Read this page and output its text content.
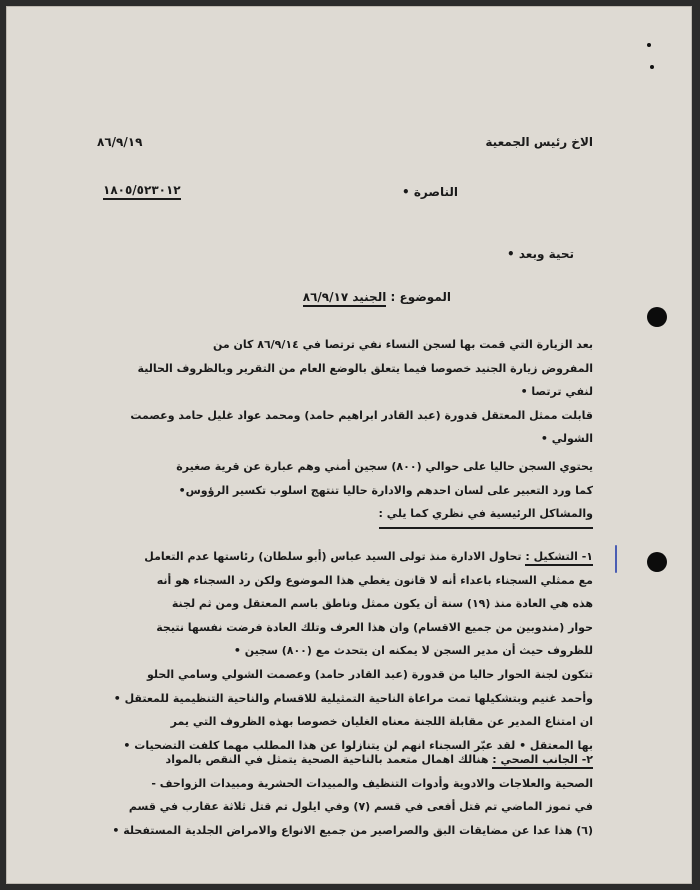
الاخ رئيس الجمعية
٨٦/٩/١٩
الناصرة •
١٨٠٥/٥٢٣٠١٢
تحية وبعد •
الموضوع : الجنيد ٨٦/٩/١٧
بعد الزيارة التي قمت بها لسجن النساء نفي ترتصا في ٨٦/٩/١٤ كان من
المفروض زيارة الجنيد خصوصا فيما يتعلق بالوضع العام من التقرير وبالظروف الحالية
لنفي ترتصا •
قابلت ممثل المعتقل قدورة (عبد القادر ابراهيم حامد) ومحمد عواد غليل حامد وعصمت
الشولي •
يحتوي السجن حاليا على حوالي (٨٠٠) سجين أمني وهم عبارة عن قرية صغيرة
كما ورد التعبير على لسان احدهم والادارة حاليا تنتهج اسلوب تكسير الرؤوس•
والمشاكل الرئيسية في نظري كما يلي :
١- التشكيل : تحاول الادارة منذ تولى السيد عباس (أبو سلطان) رئاستها عدم التعامل
مع ممثلي السجناء باعداء أنه لا قانون يغطي هذا الموضوع ولكن رد السجناء هو أنه
هذه هي العادة منذ (١٩) سنة أن يكون ممثل وناطق باسم المعتقل ومن ثم لجنة
حوار (مندوبين من جميع الاقسام) وان هذا العرف وتلك العادة فرضت نفسها نتيجة
للظروف حيث أن مدير السجن لا يمكنه ان يتحدث مع (٨٠٠) سجين •
تتكون لجنة الحوار حاليا من قدورة (عبد القادر حامد) وعصمت الشولي وسامي الحلو
وأحمد غنيم وبتشكيلها تمت مراعاة الناحية التمثيلية للاقسام والناحية التنظيمية للمعتقل •
ان امتناع المدير عن مقابلة اللجنة معناه الغليان خصوصا بهذه الظروف التي يمر
بها المعتقل • لقد عبّر السجناء انهم لن يتنازلوا عن هذا المطلب مهما كلفت التضحيات •
٢- الجانب الصحي : هنالك اهمال متعمد بالناحية الصحية يتمثل في النقص بالمواد
الصحية والعلاجات والادوية وأدوات التنظيف والمبيدات الحشرية ومبيدات الزواحف -
في تموز الماضي تم قتل أفعى في قسم (٧) وفي ايلول تم قتل ثلاثة عقارب في قسم
(٦) هذا عدا عن مضايقات البق والصراصير من جميع الانواع والامراض الجلدية المستفحلة •
